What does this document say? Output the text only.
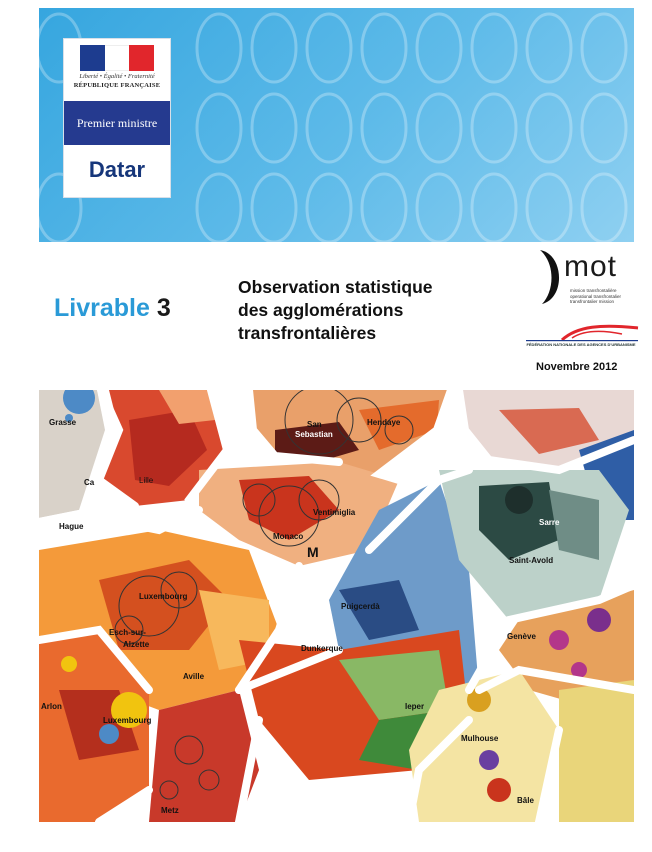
Liberté • Égalité • Fraternité
RÉPUBLIQUE FRANÇAISE
Premier ministre
Datar
Livrable 3
Observation statistique
des agglomérations
transfrontalières
mot
mission transfrontalière
operational transfrontalier
transfrontalier mission
FÉDÉRATION NATIONALE DES AGENCES D'URBANISME
Novembre 2012
Grasse
Ca	Lille
Hague
San
Sebastian
Hendaye
Ventimiglia
Monaco
M
Luxembourg
Esch-sur-
Alzette
Aville
Puigcerdà
Sarre
Saint-Avold
Genève
Dunkerque
Ieper
Arlon
Luxembourg
Metz
Mulhouse
Bâle
